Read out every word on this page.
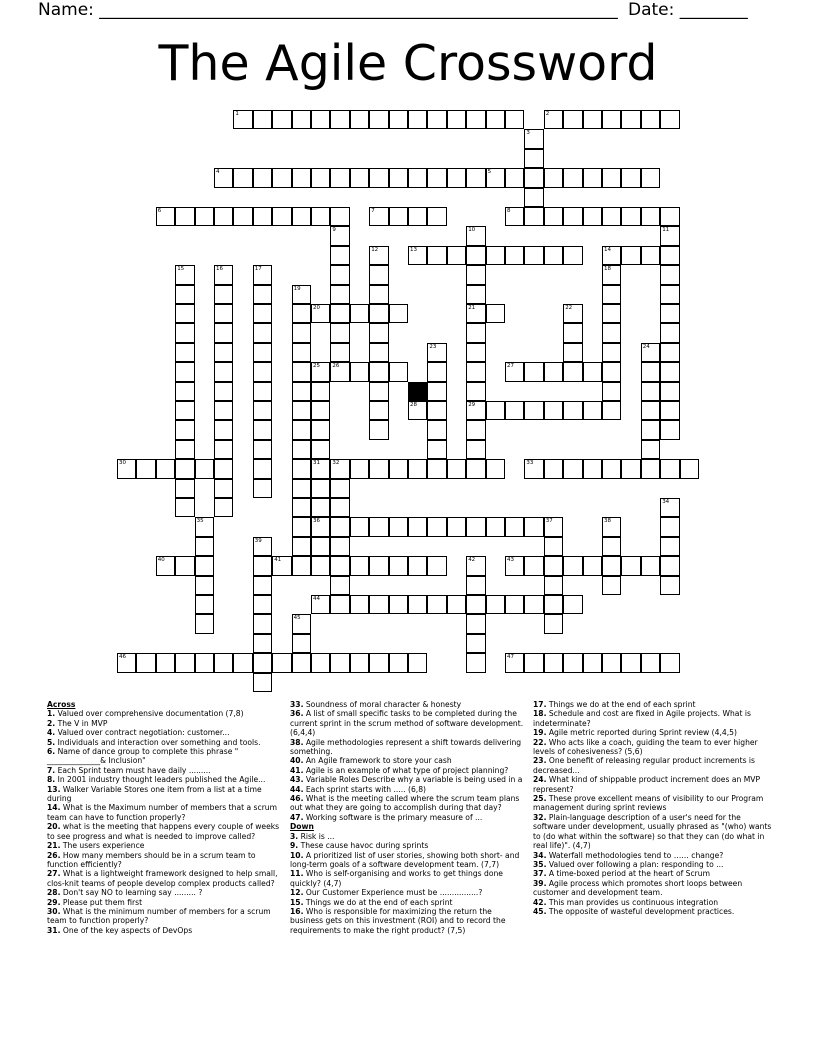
Name: _____________________________________________________________ Date: ________
The Agile Crossword
1	2
3
4	5
6	7	8
9
26
10
21
29
11
12	13	14
15	16	17	18
19
20	22
23	24
25
31
36
27
28
30	32	33
34
35	37	38
39
40	41	42	43
44
45
46	47

Across

1. Valued over comprehensive documentation (7,8)

2. The V in MVP

4. Valued over contract negotiation: customer...

5. Individuals and interaction over something and tools.

6. Name of dance group to complete this phrase " ______________& Inclusion"

7. Each Sprint team must have daily .........

8. In 2001 industry thought leaders published the Agile...

13. Walker Variable Stores one item from a list at a time during

14. What is the Maximum number of members that a scrum team can have to function properly?

20. what is the meeting that happens every couple of weeks to see progress and what is needed to improve called?

21. The users experience

26. How many members should be in a scrum team to function efficiently?

27. What is a lightweight framework designed to help small, clos-knit teams of people develop complex products called?

28. Don't say NO to learning say ......... ?

29. Please put them first

30. What is the minimum number of members for a scrum team to function properly?

31. One of the key aspects of DevOps

33. Soundness of moral character & honesty

36. A list of small specific tasks to be completed during the current sprint in the scrum method of software development. (6,4,4)

38. Agile methodologies represent a shift towards delivering something.

40. An Agile framework to store your cash

41. Agile is an example of what type of project planning?

43. Variable Roles Describe why a variable is being used in a

44. Each sprint starts with ..... (6,8)

46. What is the meeting called where the scrum team plans out what they are going to accomplish during that day?

47. Working software is the primary measure of ...

Down

3. Risk is ...

9. These cause havoc during sprints

10. A prioritized list of user stories, showing both short- and long-term goals of a software development team. (7,7)

11. Who is self-organising and works to get things done quickly? (4,7)

12. Our Customer Experience must be ................?

15. Things we do at the end of each sprint

16. Who is responsible for maximizing the return the business gets on this investment (ROI) and to record the requirements to make the right product? (7,5)

17. Things we do at the end of each sprint

18. Schedule and cost are fixed in Agile projects. What is indeterminate?

19. Agile metric reported during Sprint review (4,4,5)

22. Who acts like a coach, guiding the team to ever higher levels of cohesiveness? (5,6)

23. One benefit of releasing regular product increments is decreased...

24. What kind of shippable product increment does an MVP represent?

25. These prove excellent means of visibility to our Program management during sprint reviews

32. Plain-language description of a user's need for the software under development, usually phrased as "(who) wants to (do what within the software) so that they can (do what in real life)". (4,7)

34. Waterfall methodologies tend to …… change?

35. Valued over following a plan: responding to ...

37. A time-boxed period at the heart of Scrum

39. Agile process which promotes short loops between customer and development team.

42. This man provides us continuous integration

45. The opposite of wasteful development practices.
